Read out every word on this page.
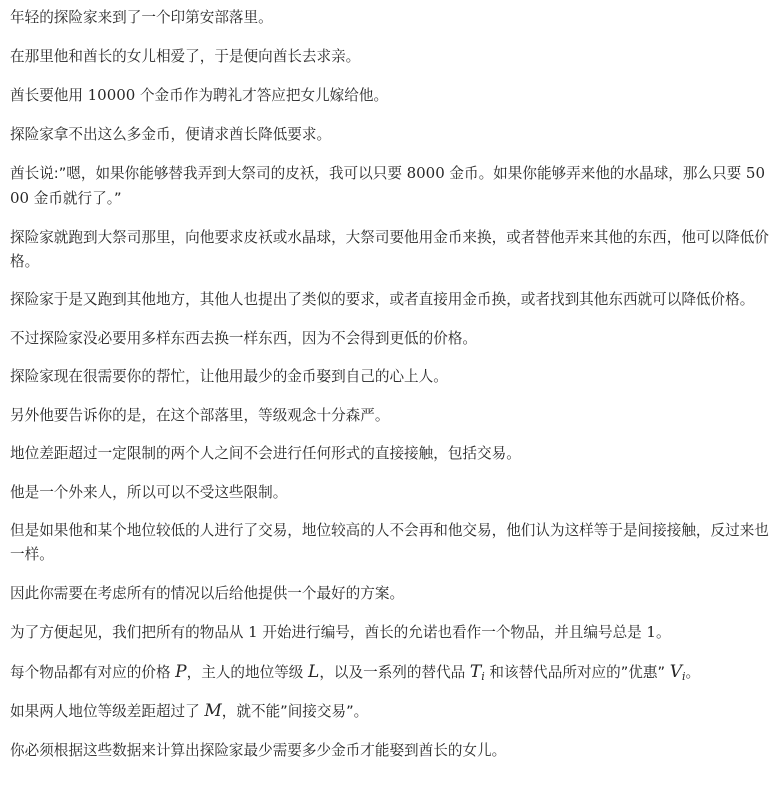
年轻的探险家来到了一个印第安部落里。

在那里他和酋长的女儿相爱了，于是便向酋长去求亲。

酋长要他用 10000 个金币作为聘礼才答应把女儿嫁给他。

探险家拿不出这么多金币，便请求酋长降低要求。

酋长说:”嗯，如果你能够替我弄到大祭司的皮袄，我可以只要 8000 金币。如果你能够弄来他的水晶球，那么只要 5000 金币就行了。”

探险家就跑到大祭司那里，向他要求皮袄或水晶球，大祭司要他用金币来换，或者替他弄来其他的东西，他可以降低价格。

探险家于是又跑到其他地方，其他人也提出了类似的要求，或者直接用金币换，或者找到其他东西就可以降低价格。

不过探险家没必要用多样东西去换一样东西，因为不会得到更低的价格。

探险家现在很需要你的帮忙，让他用最少的金币娶到自己的心上人。

另外他要告诉你的是，在这个部落里，等级观念十分森严。

地位差距超过一定限制的两个人之间不会进行任何形式的直接接触，包括交易。

他是一个外来人，所以可以不受这些限制。

但是如果他和某个地位较低的人进行了交易，地位较高的人不会再和他交易，他们认为这样等于是间接接触，反过来也一样。

因此你需要在考虑所有的情况以后给他提供一个最好的方案。

为了方便起见，我们把所有的物品从 1 开始进行编号，酋长的允诺也看作一个物品，并且编号总是 1。

每个物品都有对应的价格 P，主人的地位等级 L，以及一系列的替代品 $T_i$ 和该替代品所对应的”优惠” $V_i$。

如果两人地位等级差距超过了 M，就不能”间接交易”。

你必须根据这些数据来计算出探险家最少需要多少金币才能娶到酋长的女儿。
